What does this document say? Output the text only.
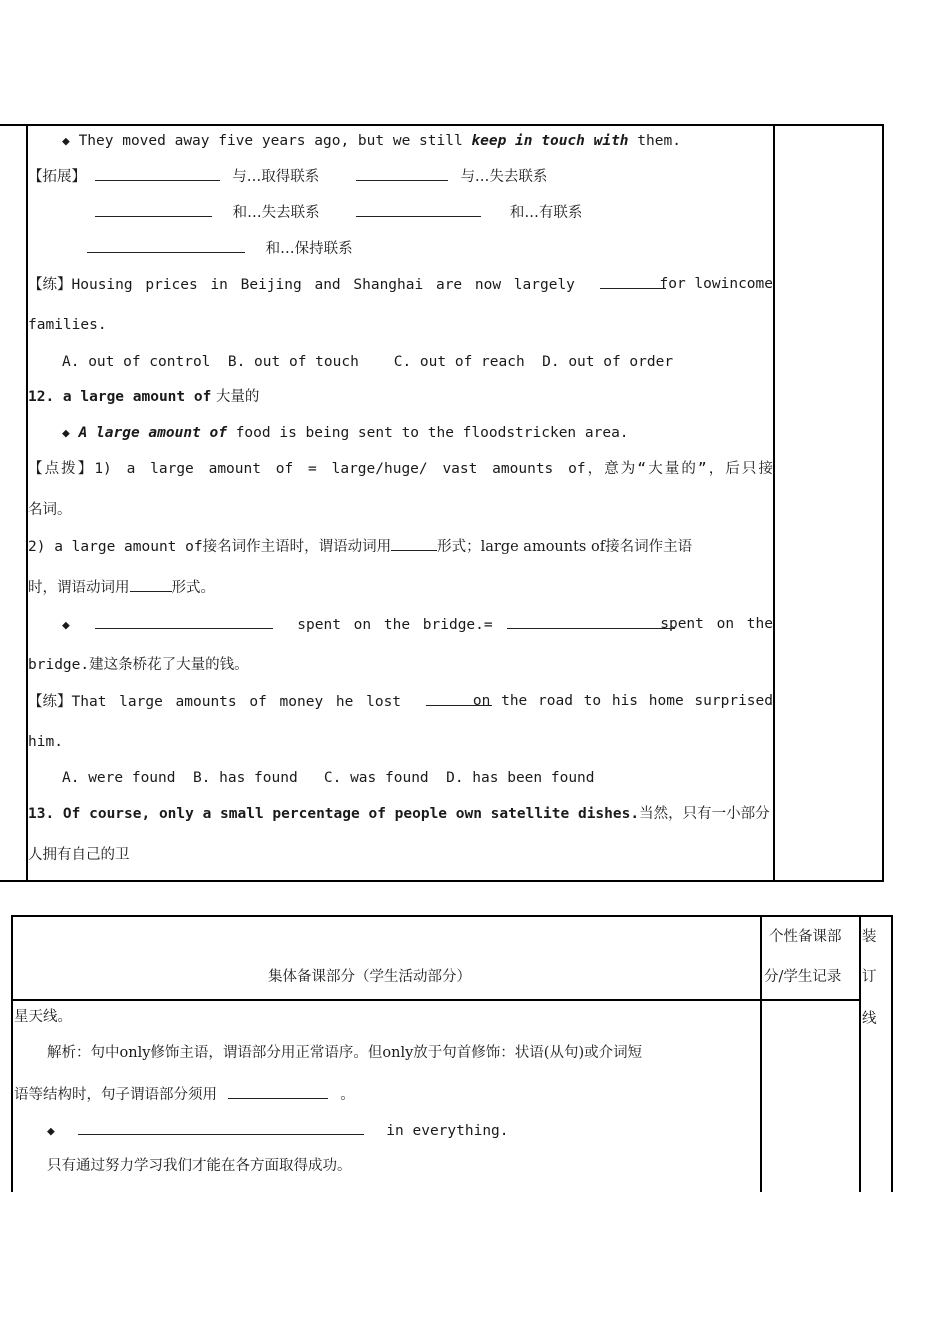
◆ They moved away five years ago, but we still keep in touch with them.
【拓展】	与…取得联系	与…失去联系
和…失去联系	和…有联系
和…保持联系
【练】Housing prices in Beijing and Shanghai are now largely	for lowincome
families.
A. out of control  B. out of touch    C. out of reach  D. out of order
12. a large amount of 大量的
◆ A large amount of food is being sent to the floodstricken area.
【点拨】1) a large amount of = large/huge/ vast amounts of，意为“大量的”，后只接
名词。
2) a large amount of接名词作主语时，谓语动词用	形式；large amounts of接名词作主语
时，谓语动词用	形式。
◆	spent on the bridge.=	spent on the
bridge.建这条桥花了大量的钱。
【练】That large amounts of money he lost	on the road to his home surprised
him.
A. were found  B. has found   C. was found  D. has been found
13. Of course, only a small percentage of people own satellite dishes.当然，只有一小部分
人拥有自己的卫
集体备课部分（学生活动部分）
个性备课部
分/学生记录
装
订
线
星天线。
解析：句中only修饰主语，谓语部分用正常语序。但only放于句首修饰：状语(从句)或介词短
语等结构时，句子谓语部分须用	。
◆	in everything.
只有通过努力学习我们才能在各方面取得成功。
